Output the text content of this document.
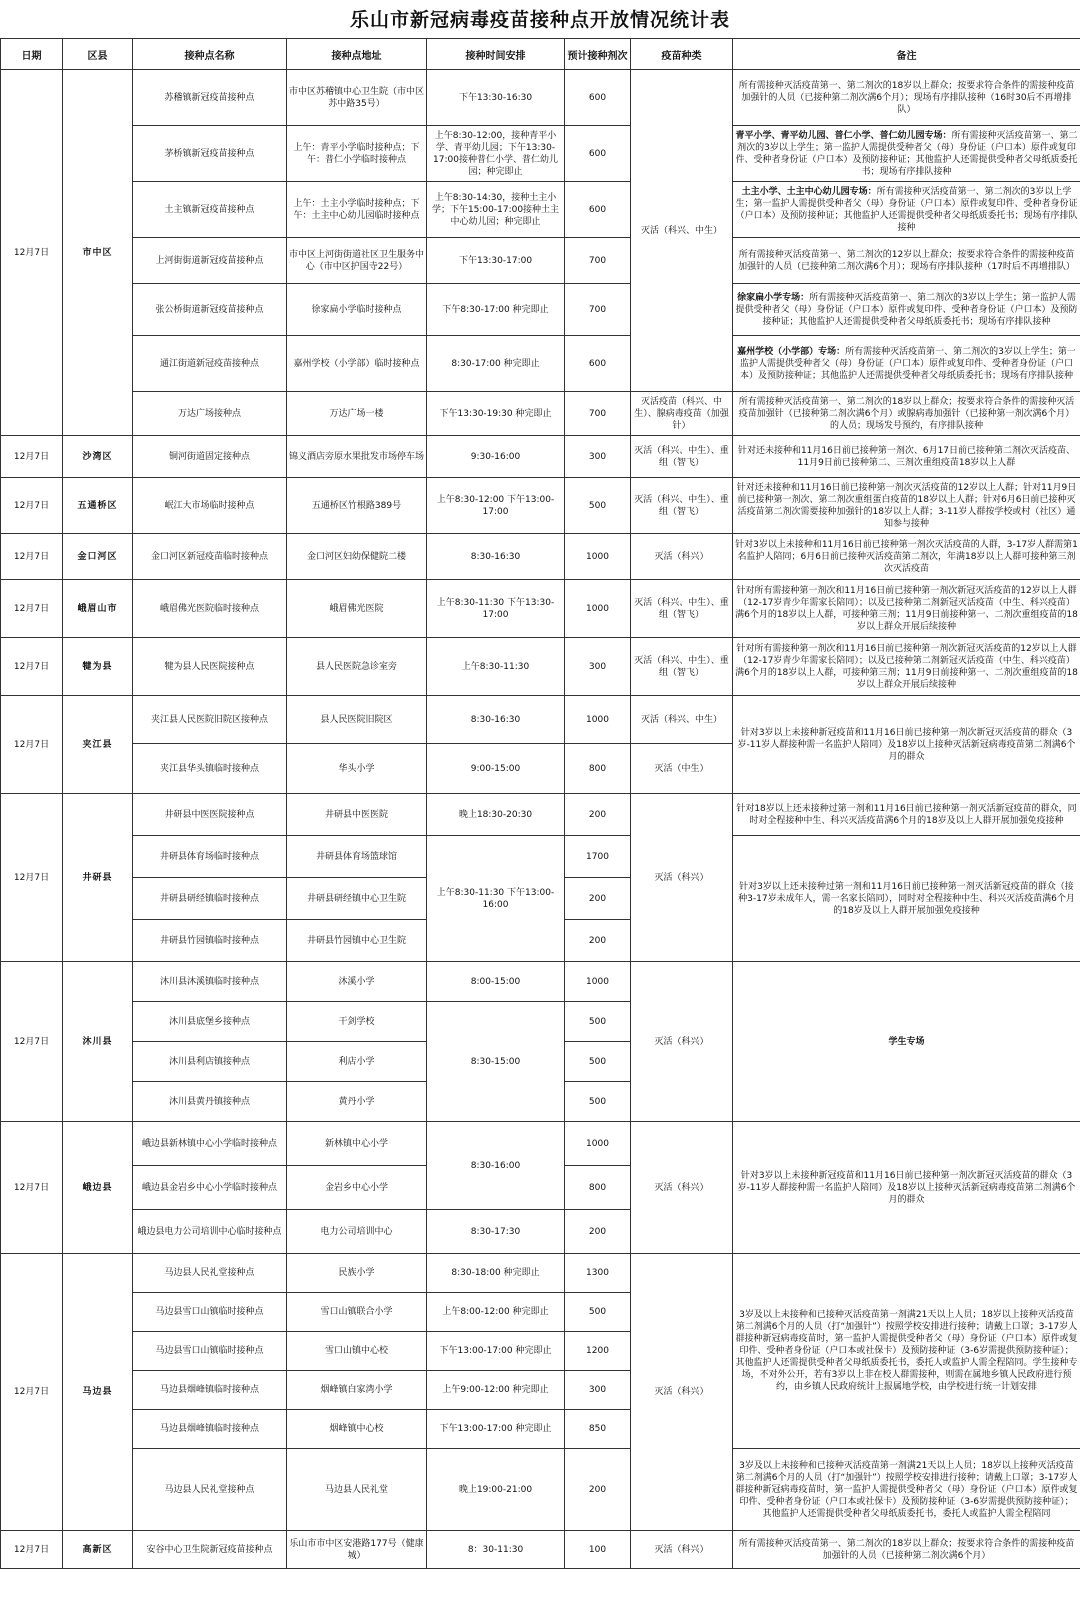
乐山市新冠病毒疫苗接种点开放情况统计表
日期	区县	接种点名称	接种点地址	接种时间安排	预计接种剂次	疫苗种类	备注
12月7日	市中区	苏稽镇新冠疫苗接种点	市中区苏稽镇中心卫生院（市中区苏中路35号）	下午13:30-16:30	600	灭活（科兴、中生）	所有需接种灭活疫苗第一、第二剂次的18岁以上群众；按要求符合条件的需接种疫苗加强针的人员（已接种第二剂次满6个月）；现场有序排队接种（16时30后不再增排队）
		茅桥镇新冠疫苗接种点	上午：青平小学临时接种点；下午：普仁小学临时接种点	上午8:30-12:00，接种青平小学、青平幼儿园；下午13:30-17:00接种普仁小学、普仁幼儿园；种完即止	600		青平小学、青平幼儿园、普仁小学、普仁幼儿园专场：所有需接种灭活疫苗第一、第二剂次的3岁以上学生；第一监护人需提供受种者父（母）身份证（户口本）原件或复印件、受种者身份证（户口本）及预防接种证；其他监护人还需提供受种者父母纸质委托书；现场有序排队接种
		土主镇新冠疫苗接种点	上午：土主小学临时接种点；下午：土主中心幼儿园临时接种点	上午8:30-14:30，接种土主小学；下午15:00-17:00接种土主中心幼儿园；种完即止	600		土主小学、土主中心幼儿园专场：所有需接种灭活疫苗第一、第二剂次的3岁以上学生；第一监护人需提供受种者父（母）身份证（户口本）原件或复印件、受种者身份证（户口本）及预防接种证；其他监护人还需提供受种者父母纸质委托书；现场有序排队接种
		上河街街道新冠疫苗接种点	市中区上河街街道社区卫生服务中心（市中区护国寺22号）	下午13:30-17:00	700		所有需接种灭活疫苗第一、第二剂次的12岁以上群众；按要求符合条件的需接种疫苗加强针的人员（已接种第二剂次满6个月）；现场有序排队接种（17时后不再增排队）
		张公桥街道新冠疫苗接种点	徐家扁小学临时接种点	下午8:30-17:00 种完即止	700		徐家扁小学专场：所有需接种灭活疫苗第一、第二剂次的3岁以上学生；第一监护人需提供受种者父（母）身份证（户口本）原件或复印件、受种者身份证（户口本）及预防接种证；其他监护人还需提供受种者父母纸质委托书；现场有序排队接种
		通江街道新冠疫苗接种点	嘉州学校（小学部）临时接种点	8:30-17:00 种完即止	600		嘉州学校（小学部）专场：所有需接种灭活疫苗第一、第二剂次的3岁以上学生；第一监护人需提供受种者父（母）身份证（户口本）原件或复印件、受种者身份证（户口本）及预防接种证；其他监护人还需提供受种者父母纸质委托书；现场有序排队接种
		万达广场接种点	万达广场一楼	下午13:30-19:30 种完即止	700	灭活疫苗（科兴、中生）、腺病毒疫苗（加强针）	所有需接种灭活疫苗第一、第二剂次的18岁以上群众；按要求符合条件的需接种灭活疫苗加强针（已接种第二剂次满6个月）或腺病毒加强针（已接种第一剂次满6个月）的人员；现场发号预约，有序排队接种
12月7日	沙湾区	铜河街道固定接种点	锦义酒店旁原水果批发市场停车场	9:30-16:00	300	灭活（科兴、中生）、重组（智飞）	针对还未接种和11月16日前已接种第一剂次、6月17日前已接种第二剂次灭活疫苗、11月9日前已接种第二、三剂次重组疫苗18岁以上人群
12月7日	五通桥区	岷江大市场临时接种点	五通桥区竹根路389号	上午8:30-12:00 下午13:00-17:00	500	灭活（科兴、中生）、重组（智飞）	针对还未接种和11月16日前已接种第一剂次灭活疫苗的12岁以上人群；针对11月9日前已接种第一剂次、第二剂次重组蛋白疫苗的18岁以上人群；针对6月6日前已接种灭活疫苗第二剂次需要接种加强针的18岁以上人群；3-11岁人群按学校或村（社区）通知参与接种
12月7日	金口河区	金口河区新冠疫苗临时接种点	金口河区妇幼保健院二楼	8:30-16:30	1000	灭活（科兴）	针对3岁以上未接种和11月16日前已接种第一剂次灭活疫苗的人群，3-17岁人群需第1名监护人陪同；6月6日前已接种灭活疫苗第二剂次，年满18岁以上人群可接种第三剂次灭活疫苗
12月7日	峨眉山市	峨眉佛光医院临时接种点	峨眉佛光医院	上午8:30-11:30 下午13:30-17:00	1000	灭活（科兴、中生）、重组（智飞）	针对所有需接种第一剂次和11月16日前已接种第一剂次新冠灭活疫苗的12岁以上人群（12-17岁青少年需家长陪同）；以及已接种第二剂新冠灭活疫苗（中生、科兴疫苗）满6个月的18岁以上人群，可接种第三剂；11月9日前接种第一、二剂次重组疫苗的18岁以上群众开展后续接种
12月7日	犍为县	犍为县人民医院接种点	县人民医院急诊室旁	上午8:30-11:30	300	灭活（科兴、中生）、重组（智飞）	针对所有需接种第一剂次和11月16日前已接种第一剂次新冠灭活疫苗的12岁以上人群（12-17岁青少年需家长陪同）；以及已接种第二剂新冠灭活疫苗（中生、科兴疫苗）满6个月的18岁以上人群，可接种第三剂；11月9日前接种第一、二剂次重组疫苗的18岁以上群众开展后续接种
12月7日	夹江县	夹江县人民医院旧院区接种点	县人民医院旧院区	8:30-16:30	1000	灭活（科兴、中生）	针对3岁以上未接种新冠疫苗和11月16日前已接种第一剂次新冠灭活疫苗的群众（3岁-11岁人群接种需一名监护人陪同）及18岁以上接种灭活新冠病毒疫苗第二剂满6个月的群众
		夹江县华头镇临时接种点	华头小学	9:00-15:00	800	灭活（中生）	
12月7日	井研县	井研县中医医院接种点	井研县中医医院	晚上18:30-20:30	200	灭活（科兴）	针对18岁以上还未接种过第一剂和11月16日前已接种第一剂灭活新冠疫苗的群众，同时对全程接种中生、科兴灭活疫苗满6个月的18岁及以上人群开展加强免疫接种
		井研县体育场临时接种点	井研县体育场篮球馆	上午8:30-11:30 下午13:00-16:00	1700		针对3岁以上还未接种过第一剂和11月16日前已接种第一剂灭活新冠疫苗的群众（接种3-17岁未成年人，需一名家长陪同），同时对全程接种中生、科兴灭活疫苗满6个月的18岁及以上人群开展加强免疫接种
		井研县研经镇临时接种点	井研县研经镇中心卫生院		200		
		井研县竹园镇临时接种点	井研县竹园镇中心卫生院		200		
12月7日	沐川县	沐川县沐溪镇临时接种点	沐溪小学	8:00-15:00	1000	灭活（科兴）	学生专场
		沐川县底堡乡接种点	干剑学校	8:30-15:00	500		
		沐川县利店镇接种点	利店小学		500		
		沐川县黄丹镇接种点	黄丹小学		500		
12月7日	峨边县	峨边县新林镇中心小学临时接种点	新林镇中心小学	8:30-16:00	1000	灭活（科兴）	针对3岁以上未接种新冠疫苗和11月16日前已接种第一剂次新冠灭活疫苗的群众（3岁-11岁人群接种需一名监护人陪同）及18岁以上接种灭活新冠病毒疫苗第二剂满6个月的群众
		峨边县金岩乡中心小学临时接种点	金岩乡中心小学		800		
		峨边县电力公司培训中心临时接种点	电力公司培训中心	8:30-17:30	200		
12月7日	马边县	马边县人民礼堂接种点	民族小学	8:30-18:00 种完即止	1300	灭活（科兴）	3岁及以上未接种和已接种灭活疫苗第一剂满21天以上人员；18岁以上接种灭活疫苗第二剂满6个月的人员（打“加强针”）按照学校安排进行接种；请戴上口罩；3-17岁人群接种新冠病毒疫苗时，第一监护人需提供受种者父（母）身份证（户口本）原件或复印件、受种者身份证（户口本或社保卡）及预防接种证（3-6岁需提供预防接种证）；其他监护人还需提供受种者父母纸质委托书，委托人或监护人需全程陪同。学生接种专场，不对外公开，若有3岁以上非在校人群需接种，则需在属地乡镇人民政府进行预约，由乡镇人民政府统计上报属地学校，由学校进行统一计划安排
		马边县雪口山镇临时接种点	雪口山镇联合小学	上午8:00-12:00 种完即止	500		
		马边县雪口山镇临时接种点	雪口山镇中心校	下午13:00-17:00 种完即止	1200		
		马边县烟峰镇临时接种点	烟峰镇白家湾小学	上午9:00-12:00 种完即止	300		
		马边县烟峰镇临时接种点	烟峰镇中心校	下午13:00-17:00 种完即止	850		
		马边县人民礼堂接种点	马边县人民礼堂	晚上19:00-21:00	200		3岁及以上未接种和已接种灭活疫苗第一剂满21天以上人员；18岁以上接种灭活疫苗第二剂满6个月的人员（打“加强针”）按照学校安排进行接种；请戴上口罩；3-17岁人群接种新冠病毒疫苗时，第一监护人需提供受种者父（母）身份证（户口本）原件或复印件、受种者身份证（户口本或社保卡）及预防接种证（3-6岁需提供预防接种证）；其他监护人还需提供受种者父母纸质委托书，委托人或监护人需全程陪同
12月7日	高新区	安谷中心卫生院新冠疫苗接种点	乐山市市中区安港路177号（健康城）	8：30-11:30	100	灭活（科兴）	所有需接种灭活疫苗第一、第二剂次的18岁以上群众；按要求符合条件的需接种疫苗加强针的人员（已接种第二剂次满6个月）
